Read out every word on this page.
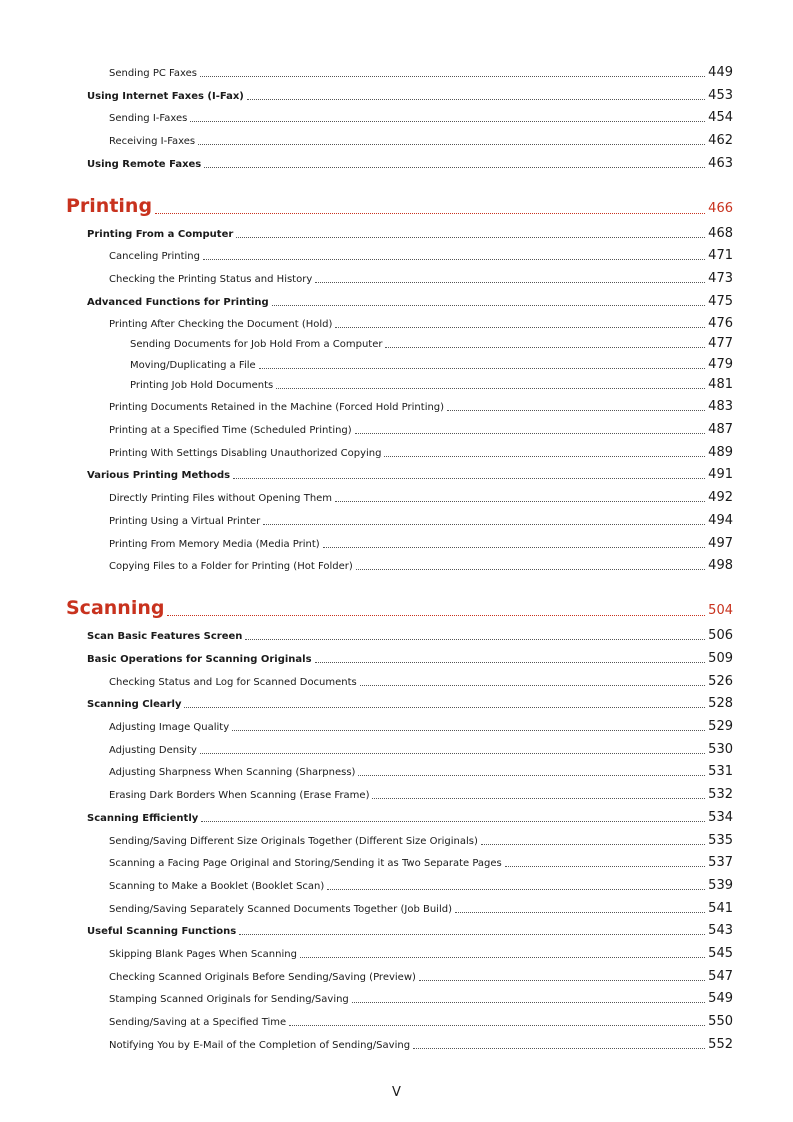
Sending PC Faxes	449
Using Internet Faxes (I-Fax)	453
Sending I-Faxes	454
Receiving I-Faxes	462
Using Remote Faxes	463
Printing	466
Printing From a Computer	468
Canceling Printing	471
Checking the Printing Status and History	473
Advanced Functions for Printing	475
Printing After Checking the Document (Hold)	476
Sending Documents for Job Hold From a Computer	477
Moving/Duplicating a File	479
Printing Job Hold Documents	481
Printing Documents Retained in the Machine (Forced Hold Printing)	483
Printing at a Specified Time (Scheduled Printing)	487
Printing With Settings Disabling Unauthorized Copying	489
Various Printing Methods	491
Directly Printing Files without Opening Them	492
Printing Using a Virtual Printer	494
Printing From Memory Media (Media Print)	497
Copying Files to a Folder for Printing (Hot Folder)	498
Scanning	504
Scan Basic Features Screen	506
Basic Operations for Scanning Originals	509
Checking Status and Log for Scanned Documents	526
Scanning Clearly	528
Adjusting Image Quality	529
Adjusting Density	530
Adjusting Sharpness When Scanning (Sharpness)	531
Erasing Dark Borders When Scanning (Erase Frame)	532
Scanning Efficiently	534
Sending/Saving Different Size Originals Together (Different Size Originals)	535
Scanning a Facing Page Original and Storing/Sending it as Two Separate Pages	537
Scanning to Make a Booklet (Booklet Scan)	539
Sending/Saving Separately Scanned Documents Together (Job Build)	541
Useful Scanning Functions	543
Skipping Blank Pages When Scanning	545
Checking Scanned Originals Before Sending/Saving (Preview)	547
Stamping Scanned Originals for Sending/Saving	549
Sending/Saving at a Specified Time	550
Notifying You by E-Mail of the Completion of Sending/Saving	552
V
